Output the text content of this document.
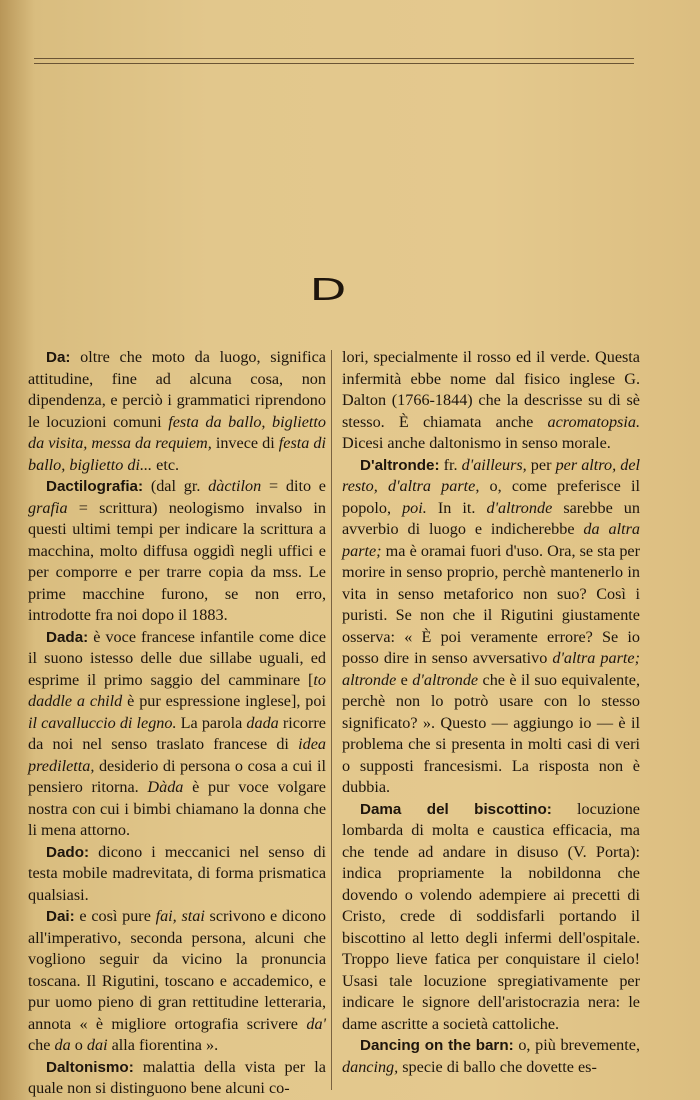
D

Da: oltre che moto da luogo, significa attitudine, fine ad alcuna cosa, non dipendenza, e perciò i grammatici riprendono le locuzioni comuni festa da ballo, biglietto da visita, messa da requiem, invece di festa di ballo, biglietto di... etc.

Dactilografia: (dal gr. dàctilon = dito e grafia = scrittura) neologismo invalso in questi ultimi tempi per indicare la scrittura a macchina, molto diffusa oggidì negli uffici e per comporre e per trarre copia da mss. Le prime macchine furono, se non erro, introdotte fra noi dopo il 1883.

Dada: è voce francese infantile come dice il suono istesso delle due sillabe uguali, ed esprime il primo saggio del camminare [to daddle a child è pur espressione inglese], poi il cavalluccio di legno. La parola dada ricorre da noi nel senso traslato francese di idea prediletta, desiderio di persona o cosa a cui il pensiero ritorna. Dàda è pur voce volgare nostra con cui i bimbi chiamano la donna che li mena attorno.

Dado: dicono i meccanici nel senso di testa mobile madrevitata, di forma prismatica qualsiasi.

Dai: e così pure fai, stai scrivono e dicono all'imperativo, seconda persona, alcuni che vogliono seguir da vicino la pronuncia toscana. Il Rigutini, toscano e accademico, e pur uomo pieno di gran rettitudine letteraria, annota « è migliore ortografia scrivere da' che da o dai alla fiorentina ».

Daltonismo: malattia della vista per la quale non si distinguono bene alcuni co-

lori, specialmente il rosso ed il verde. Questa infermità ebbe nome dal fisico inglese G. Dalton (1766-1844) che la descrisse su di sè stesso. È chiamata anche acromatopsia. Dicesi anche daltonismo in senso morale.

D'altronde: fr. d'ailleurs, per per altro, del resto, d'altra parte, o, come preferisce il popolo, poi. In it. d'altronde sarebbe un avverbio di luogo e indicherebbe da altra parte; ma è oramai fuori d'uso. Ora, se sta per morire in senso proprio, perchè mantenerlo in vita in senso metaforico non suo? Così i puristi. Se non che il Rigutini giustamente osserva: « È poi veramente errore? Se io posso dire in senso avversativo d'altra parte; altronde e d'altronde che è il suo equivalente, perchè non lo potrò usare con lo stesso significato? ». Questo — aggiungo io — è il problema che si presenta in molti casi di veri o supposti francesismi. La risposta non è dubbia.

Dama del biscottino: locuzione lombarda di molta e caustica efficacia, ma che tende ad andare in disuso (V. Porta): indica propriamente la nobildonna che dovendo o volendo adempiere ai precetti di Cristo, crede di soddisfarli portando il biscottino al letto degli infermi dell'ospitale. Troppo lieve fatica per conquistare il cielo! Usasi tale locuzione spregiativamente per indicare le signore dell'aristocrazia nera: le dame ascritte a società cattoliche.

Dancing on the barn: o, più brevemente, dancing, specie di ballo che dovette es-
